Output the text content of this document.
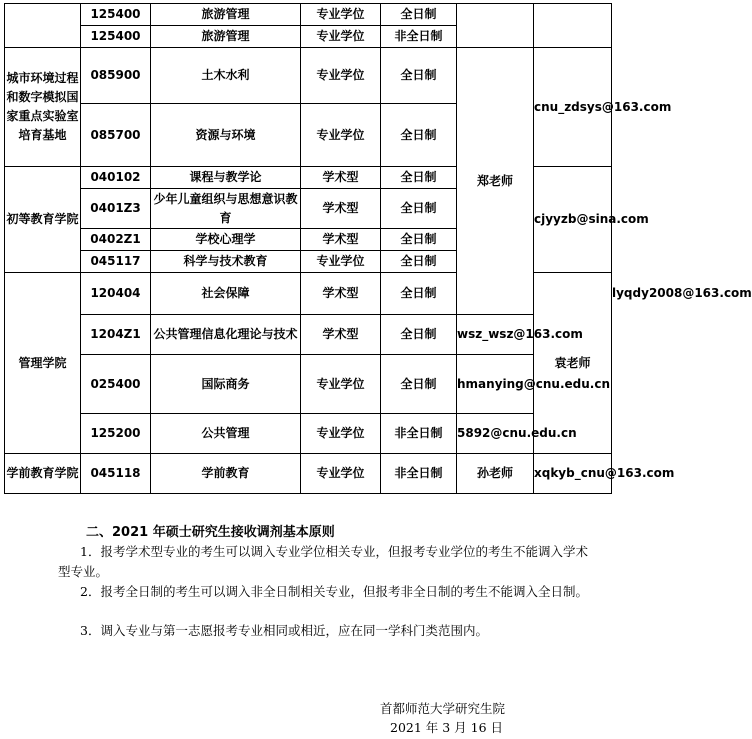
	125400	旅游管理	专业学位	全日制			
	125400	旅游管理	专业学位	非全日制			
城市环境过程和数字模拟国家重点实验室培育基地	085900	土木水利	专业学位	全日制	郑老师	cnu_zdsys@163.com	
	085700	资源与环境	专业学位	全日制			
初等教育学院	040102	课程与教学论	学术型	全日制		cjyyzb@sina.com	
	0401Z3	少年儿童组织与思想意识教育	学术型	全日制			
	0402Z1	学校心理学	学术型	全日制			
	045117	科学与技术教育	专业学位	全日制			
管理学院	120404	社会保障	学术型	全日制		袁老师	lyqdy2008@163.com
	1204Z1	公共管理信息化理论与技术	学术型	全日制	wsz_wsz@163.com		
	025400	国际商务	专业学位	全日制	hmanying@cnu.edu.cn		
	125200	公共管理	专业学位	非全日制	5892@cnu.edu.cn		
学前教育学院	045118	学前教育	专业学位	非全日制	孙老师	xqkyb_cnu@163.com	
二、2021 年硕士研究生接收调剂基本原则
1．报考学术型专业的考生可以调入专业学位相关专业，但报考专业学位的考生不能调入学术型专业。
2．报考全日制的考生可以调入非全日制相关专业，但报考非全日制的考生不能调入全日制。
3．调入专业与第一志愿报考专业相同或相近，应在同一学科门类范围内。
首都师范大学研究生院
2021 年 3 月 16 日
